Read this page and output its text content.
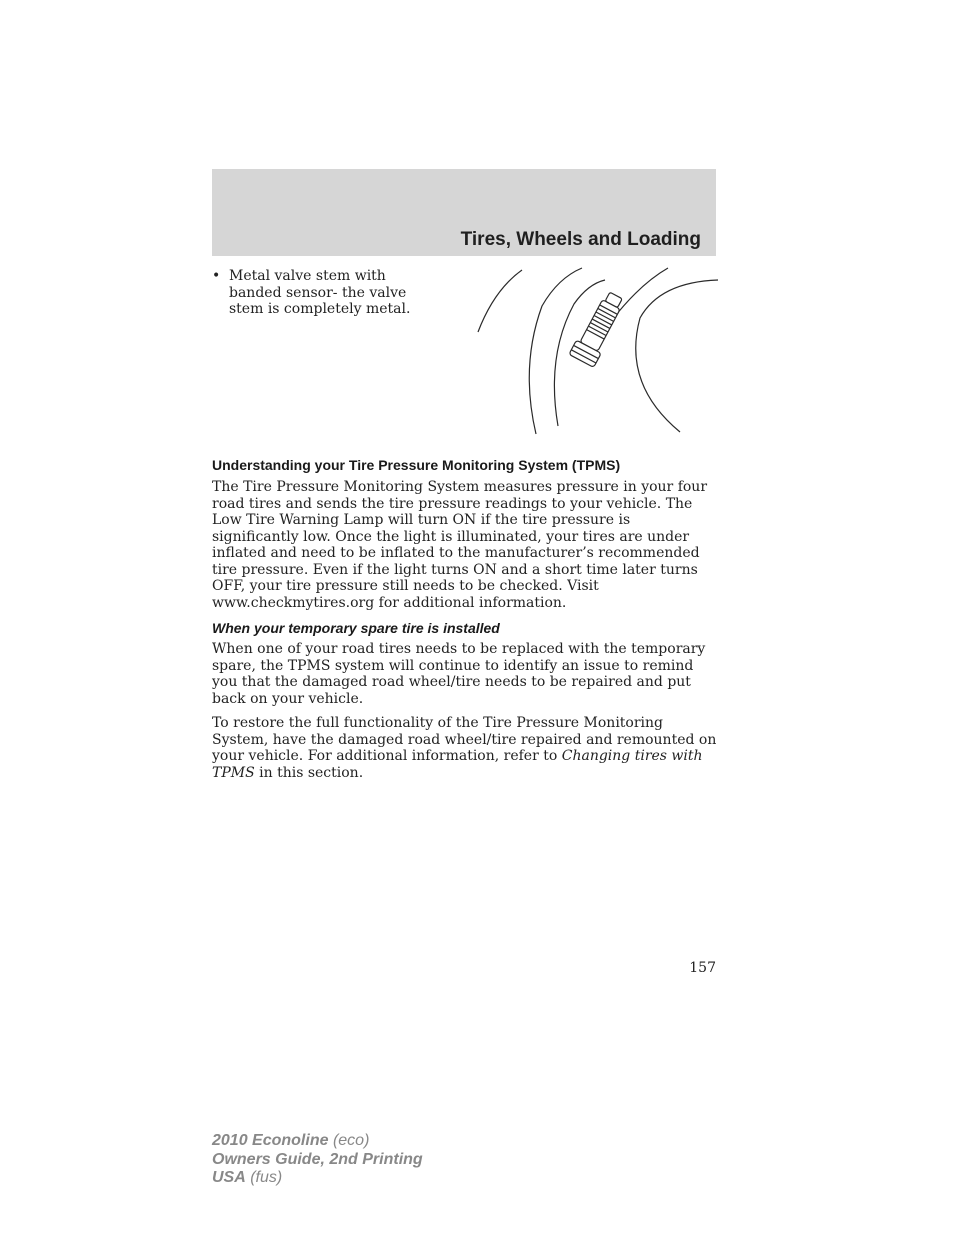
Tires, Wheels and Loading
• Metal valve stem with banded sensor- the valve stem is completely metal.
Understanding your Tire Pressure Monitoring System (TPMS)

The Tire Pressure Monitoring System measures pressure in your four road tires and sends the tire pressure readings to your vehicle. The Low Tire Warning Lamp will turn ON if the tire pressure is significantly low. Once the light is illuminated, your tires are under inflated and need to be inflated to the manufacturer’s recommended tire pressure. Even if the light turns ON and a short time later turns OFF, your tire pressure still needs to be checked. Visit www.checkmytires.org for additional information.

When your temporary spare tire is installed

When one of your road tires needs to be replaced with the temporary spare, the TPMS system will continue to identify an issue to remind you that the damaged road wheel/tire needs to be repaired and put back on your vehicle.

To restore the full functionality of the Tire Pressure Monitoring System, have the damaged road wheel/tire repaired and remounted on your vehicle. For additional information, refer to Changing tires with TPMS in this section.

157
2010 Econoline (eco)
Owners Guide, 2nd Printing
USA (fus)
